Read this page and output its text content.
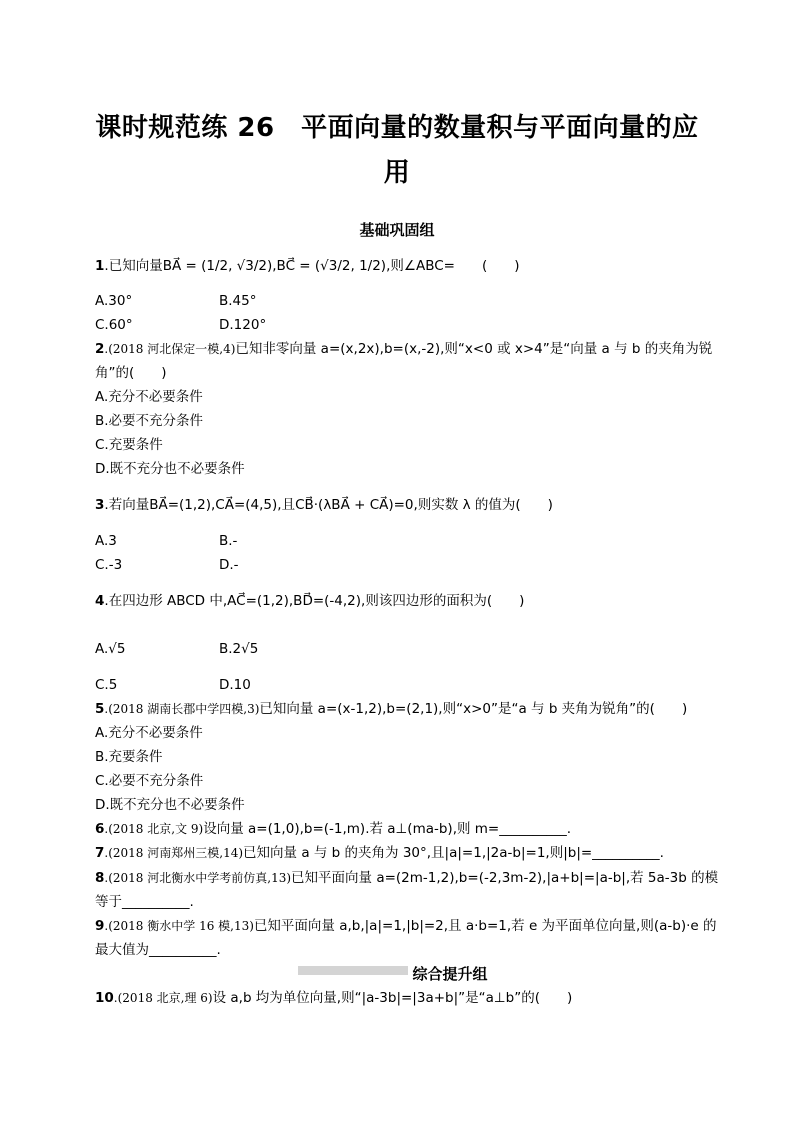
课时规范练 26　平面向量的数量积与平面向量的应
用
基础巩固组
1.已知向量BA⃗ = (1/2, √3/2),BC⃗ = (√3/2, 1/2),则∠ABC=　　(　　)
A.30°	B.45°
C.60°	D.120°
2.(2018 河北保定一模,4)已知非零向量 a=(x,2x),b=(x,-2),则“x<0 或 x>4”是“向量 a 与 b 的夹角为锐
角”的(　　)
A.充分不必要条件
B.必要不充分条件
C.充要条件
D.既不充分也不必要条件
3.若向量BA⃗=(1,2),CA⃗=(4,5),且CB⃗·(λBA⃗ + CA⃗)=0,则实数 λ 的值为(　　)
A.3	B.-
C.-3	D.-
4.在四边形 ABCD 中,AC⃗=(1,2),BD⃗=(-4,2),则该四边形的面积为(　　)
A.√5	B.2√5
C.5	D.10
5.(2018 湖南长郡中学四模,3)已知向量 a=(x-1,2),b=(2,1),则“x>0”是“a 与 b 夹角为锐角”的(　　)
A.充分不必要条件
B.充要条件
C.必要不充分条件
D.既不充分也不必要条件
6.(2018 北京,文 9)设向量 a=(1,0),b=(-1,m).若 a⊥(ma-b),则 m=__________.
7.(2018 河南郑州三模,14)已知向量 a 与 b 的夹角为 30°,且|a|=1,|2a-b|=1,则|b|=__________.
8.(2018 河北衡水中学考前仿真,13)已知平面向量 a=(2m-1,2),b=(-2,3m-2),|a+b|=|a-b|,若 5a-3b 的模
等于__________.
9.(2018 衡水中学 16 模,13)已知平面向量 a,b,|a|=1,|b|=2,且 a·b=1,若 e 为平面单位向量,则(a-b)·e 的
最大值为__________.
综合提升组
10.(2018 北京,理 6)设 a,b 均为单位向量,则“|a-3b|=|3a+b|”是“a⊥b”的(　　)
